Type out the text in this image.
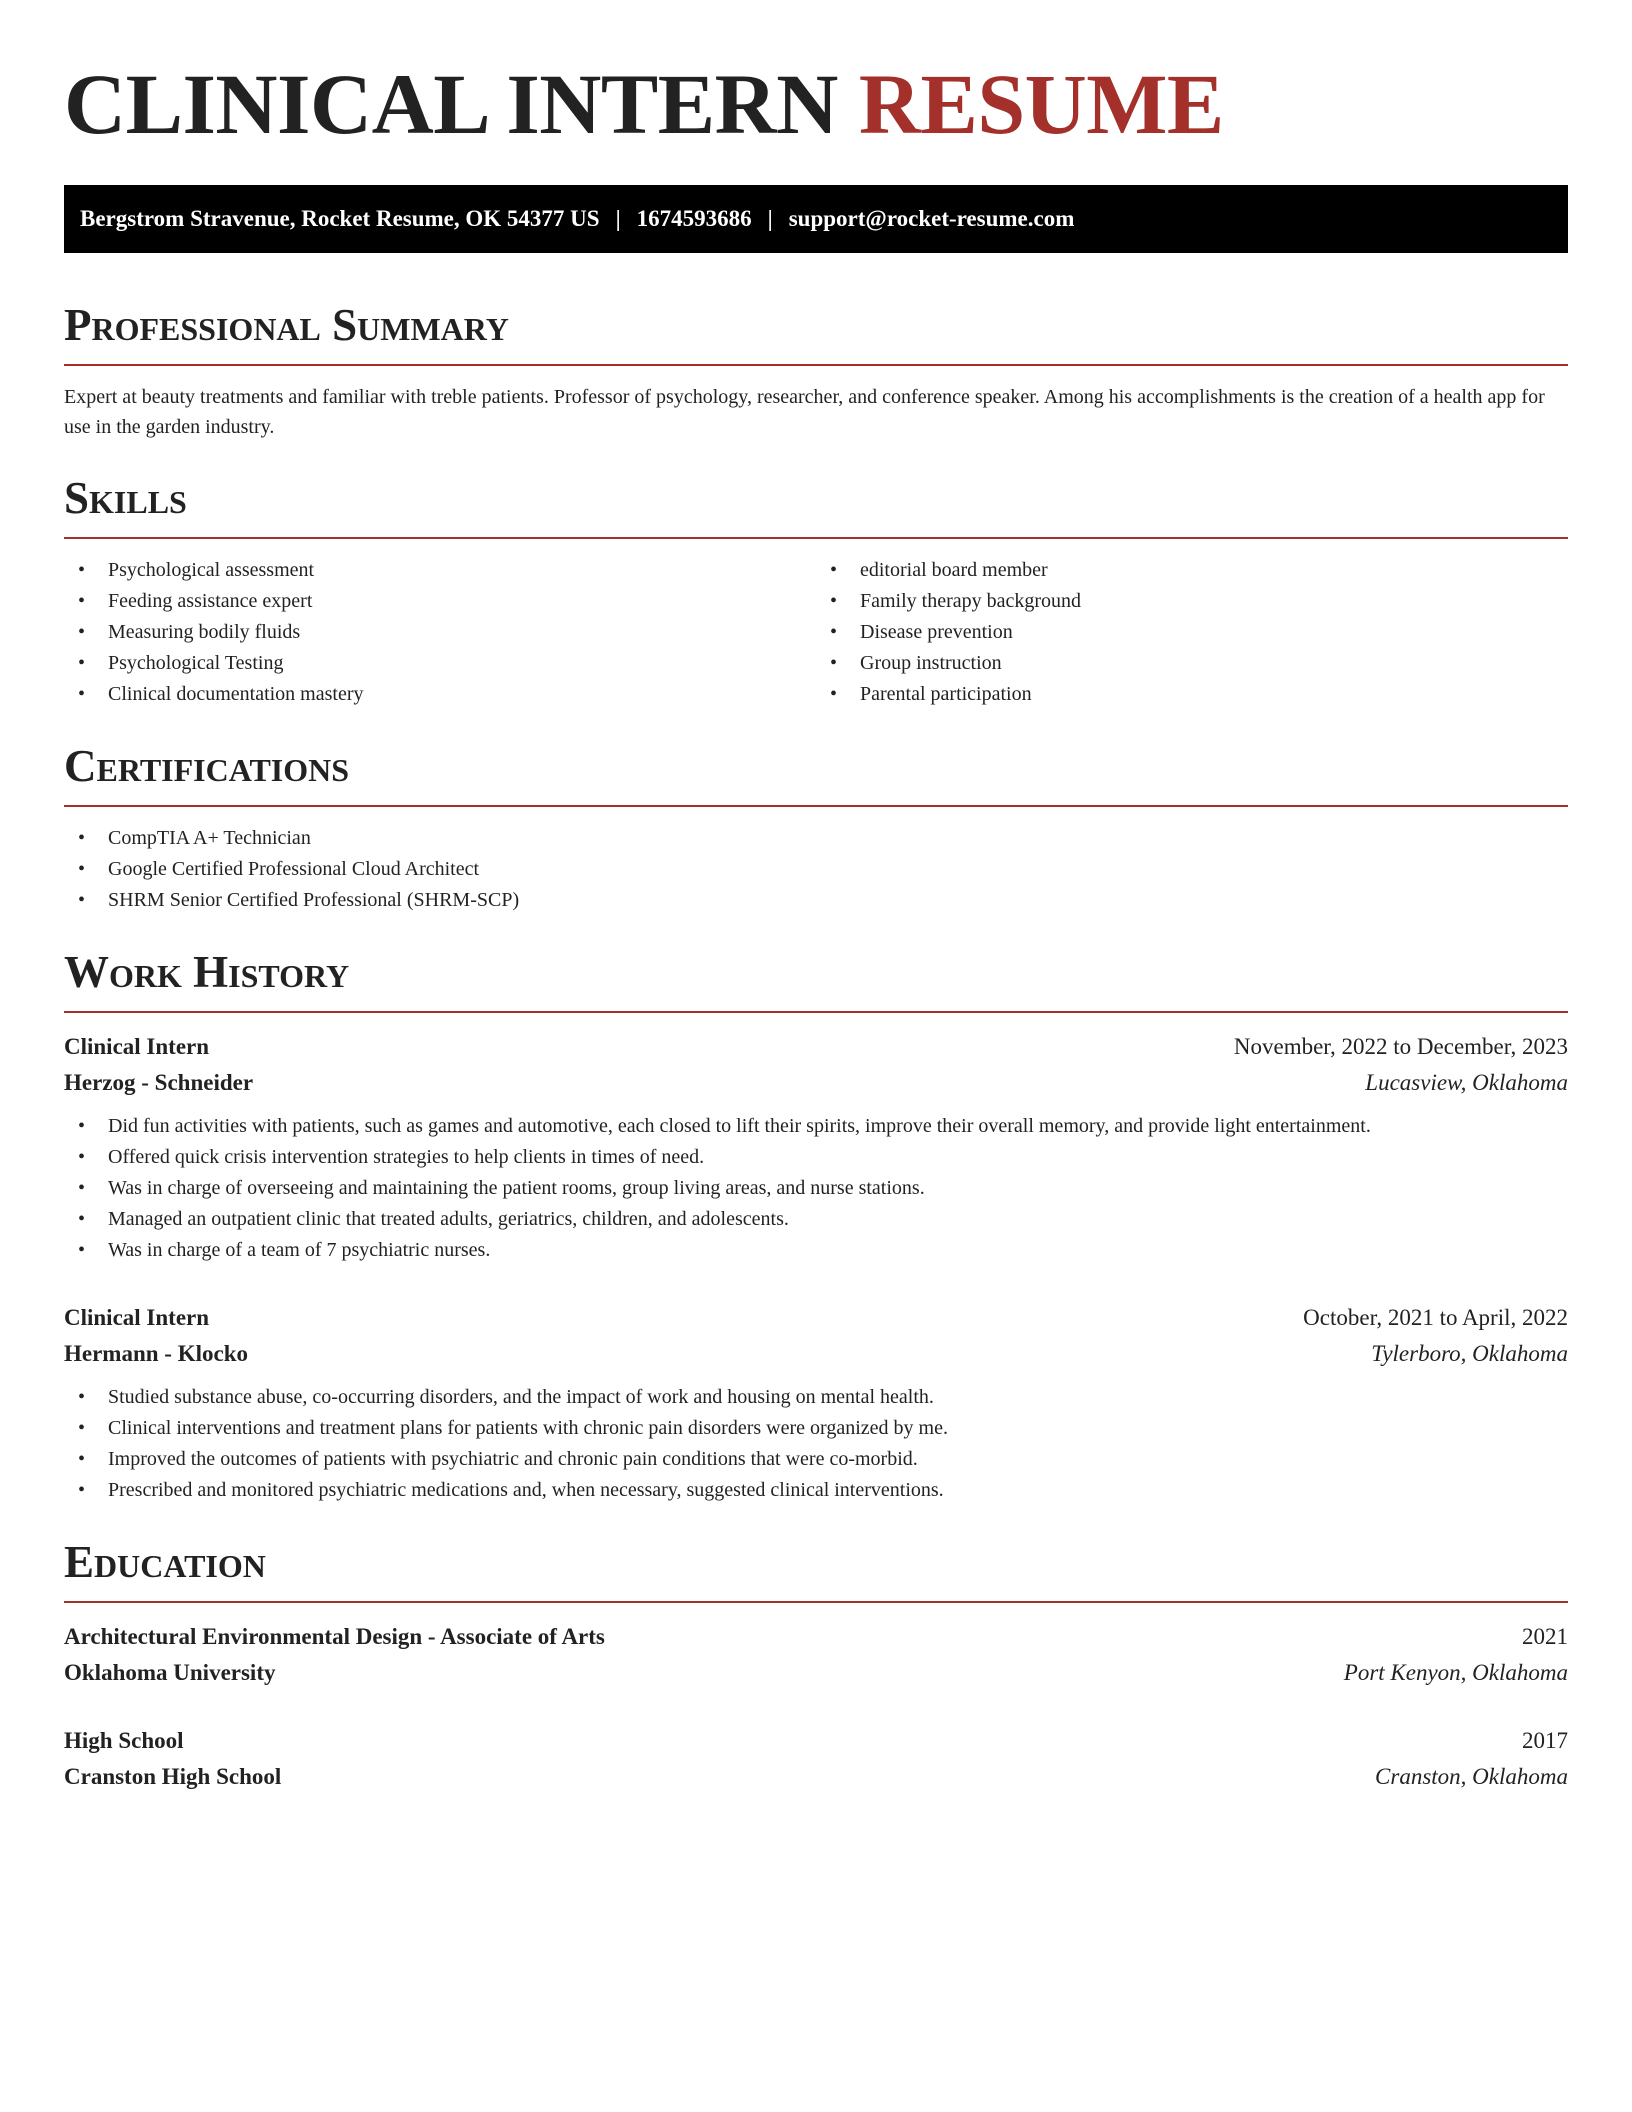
CLINICAL INTERN RESUME
Bergstrom Stravenue, Rocket Resume, OK 54377 US | 1674593686 | support@rocket-resume.com
Professional Summary

Expert at beauty treatments and familiar with treble patients. Professor of psychology, researcher, and conference speaker. Among his accomplishments is the creation of a health app for use in the garden industry.

Skills
• Psychological assessment
• Feeding assistance expert
• Measuring bodily fluids
• Psychological Testing
• Clinical documentation mastery
• editorial board member
• Family therapy background
• Disease prevention
• Group instruction
• Parental participation
Certifications
• CompTIA A+ Technician
• Google Certified Professional Cloud Architect
• SHRM Senior Certified Professional (SHRM-SCP)
Work History
Clinical Intern	November, 2022 to December, 2023
Herzog - Schneider	Lucasview, Oklahoma
• Did fun activities with patients, such as games and automotive, each closed to lift their spirits, improve their overall memory, and provide light entertainment.
• Offered quick crisis intervention strategies to help clients in times of need.
• Was in charge of overseeing and maintaining the patient rooms, group living areas, and nurse stations.
• Managed an outpatient clinic that treated adults, geriatrics, children, and adolescents.
• Was in charge of a team of 7 psychiatric nurses.
Clinical Intern	October, 2021 to April, 2022
Hermann - Klocko	Tylerboro, Oklahoma
• Studied substance abuse, co-occurring disorders, and the impact of work and housing on mental health.
• Clinical interventions and treatment plans for patients with chronic pain disorders were organized by me.
• Improved the outcomes of patients with psychiatric and chronic pain conditions that were co-morbid.
• Prescribed and monitored psychiatric medications and, when necessary, suggested clinical interventions.
Education
Architectural Environmental Design - Associate of Arts	2021
Oklahoma University	Port Kenyon, Oklahoma
High School	2017
Cranston High School	Cranston, Oklahoma
